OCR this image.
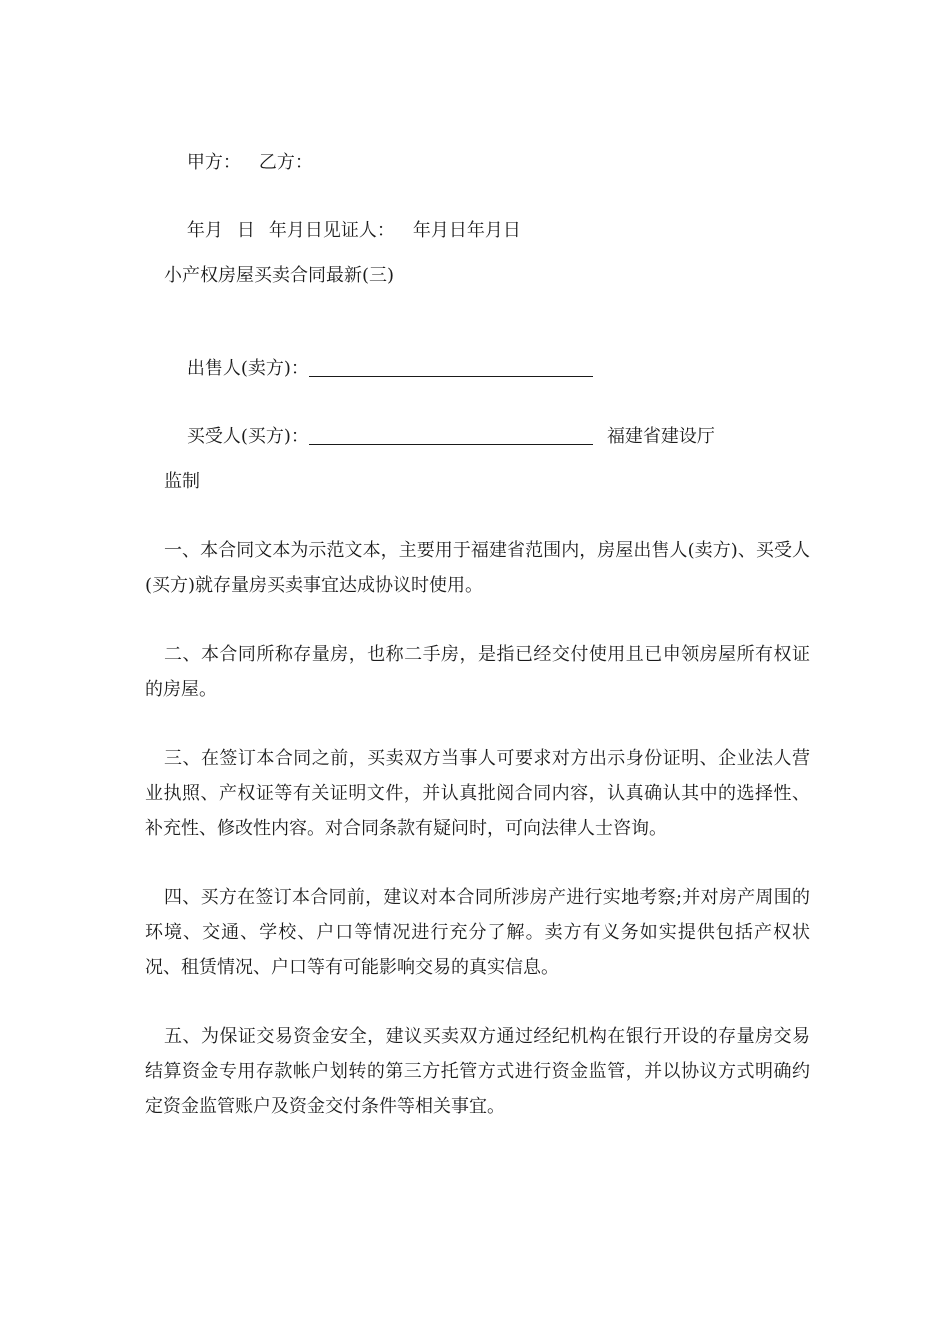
甲方： 乙方：

年月 日 年月日见证人： 年月日年月日

小产权房屋买卖合同最新(三)

出售人(卖方)：

买受人(买方)：	福建省建设厅

监制
一、本合同文本为示范文本，主要用于福建省范围内，房屋出售人(卖方)、买受人(买方)就存量房买卖事宜达成协议时使用。
二、本合同所称存量房，也称二手房，是指已经交付使用且已申领房屋所有权证的房屋。
三、在签订本合同之前，买卖双方当事人可要求对方出示身份证明、企业法人营业执照、产权证等有关证明文件，并认真批阅合同内容，认真确认其中的选择性、补充性、修改性内容。对合同条款有疑问时，可向法律人士咨询。
四、买方在签订本合同前，建议对本合同所涉房产进行实地考察;并对房产周围的环境、交通、学校、户口等情况进行充分了解。卖方有义务如实提供包括产权状况、租赁情况、户口等有可能影响交易的真实信息。
五、为保证交易资金安全，建议买卖双方通过经纪机构在银行开设的存量房交易结算资金专用存款帐户划转的第三方托管方式进行资金监管，并以协议方式明确约定资金监管账户及资金交付条件等相关事宜。
